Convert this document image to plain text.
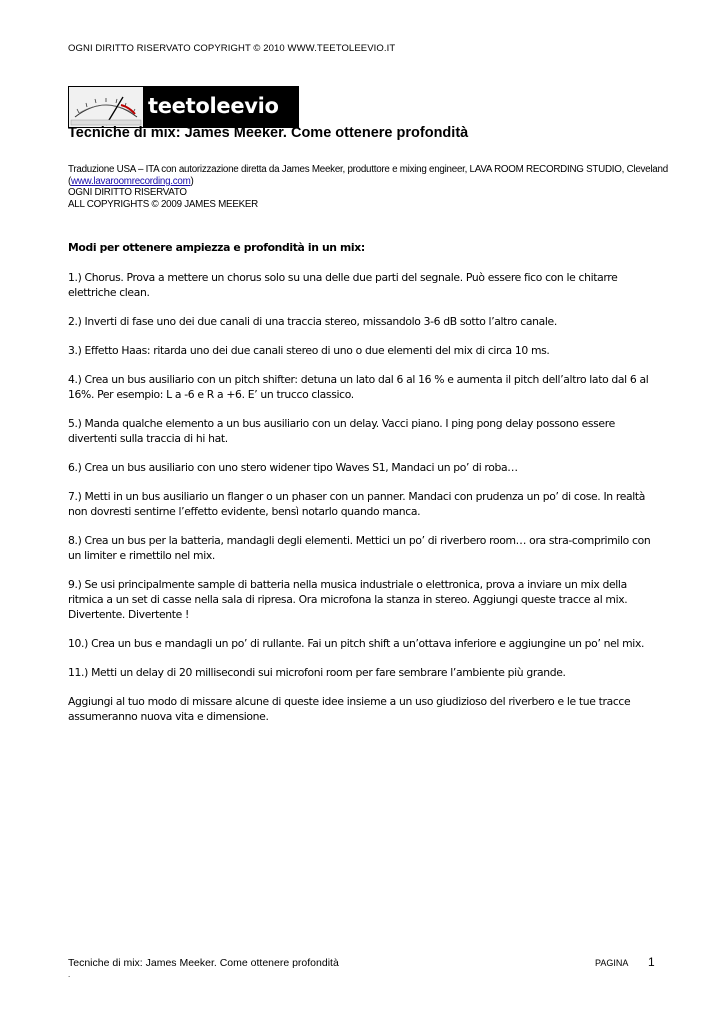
OGNI DIRITTO RISERVATO COPYRIGHT © 2010 WWW.TEETOLEEVIO.IT
teetoleevio
Tecniche di mix: James Meeker. Come ottenere profondità
Traduzione USA – ITA con autorizzazione diretta da James Meeker, produttore e mixing engineer, LAVA ROOM RECORDING STUDIO, Cleveland
(www.lavaroomrecording.com)
OGNI DIRITTO RISERVATO
ALL COPYRIGHTS © 2009 JAMES MEEKER
Modi per ottenere ampiezza e profondità in un mix:

1.) Chorus. Prova a mettere un chorus solo su una delle due parti del segnale. Può essere fico con le chitarre elettriche clean.

2.) Inverti di fase uno dei due canali di una traccia stereo, missandolo 3-6 dB sotto l’altro canale.

3.) Effetto Haas: ritarda uno dei due canali stereo di uno o due elementi del mix di circa 10 ms.

4.) Crea un bus ausiliario con un pitch shifter: detuna un lato dal 6 al 16 % e aumenta il pitch dell’altro lato dal 6 al 16%. Per esempio: L a -6 e R a +6. E’ un trucco classico.

5.) Manda qualche elemento a un bus ausiliario con un delay. Vacci piano. I ping pong delay possono essere divertenti sulla traccia di hi hat.

6.) Crea un bus ausiliario con uno stero widener tipo Waves S1, Mandaci un po’ di roba…

7.) Metti in un bus ausiliario un flanger o un phaser con un panner. Mandaci con prudenza un po’ di cose. In realtà non dovresti sentirne l’effetto evidente, bensì notarlo quando manca.

8.) Crea un bus per la batteria, mandagli degli elementi. Mettici un po’ di riverbero room… ora stra-comprimilo con un limiter e rimettilo nel mix.

9.) Se usi principalmente sample di batteria nella musica industriale o elettronica, prova a inviare un mix della ritmica a un set di casse nella sala di ripresa. Ora microfona la stanza in stereo. Aggiungi queste tracce al mix. Divertente. Divertente !

10.) Crea un bus e mandagli un po’ di rullante. Fai un pitch shift a un’ottava inferiore e aggiungine un po’ nel mix.

11.) Metti un delay di 20 millisecondi sui microfoni room per fare sembrare l’ambiente più grande.

Aggiungi al tuo modo di missare alcune di queste idee insieme a un uso giudizioso del riverbero e le tue tracce assumeranno nuova vita e dimensione.

Tecniche di mix: James Meeker. Come ottenere profondità	PAGINA 1
.
